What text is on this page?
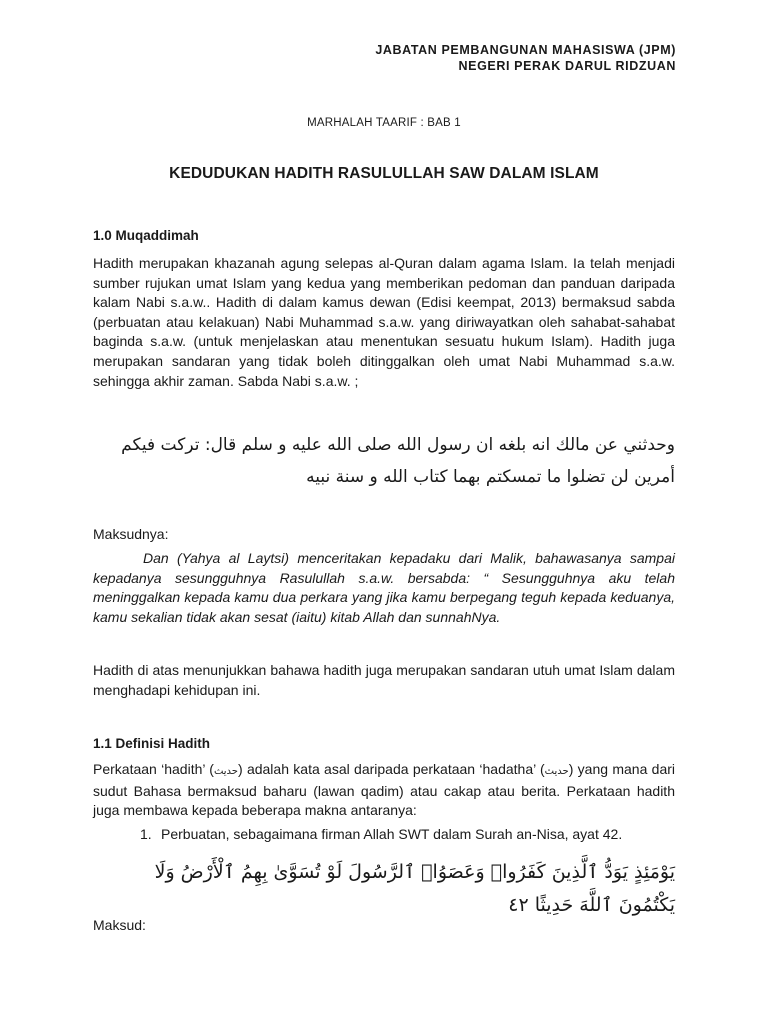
JABATAN PEMBANGUNAN MAHASISWA (JPM)
NEGERI PERAK DARUL RIDZUAN
MARHALAH TAARIF : BAB 1
KEDUDUKAN HADITH RASULULLAH SAW DALAM ISLAM
1.0 Muqaddimah
Hadith merupakan khazanah agung selepas al-Quran dalam agama Islam. Ia telah menjadi sumber rujukan umat Islam yang kedua yang memberikan pedoman dan panduan daripada kalam Nabi s.a.w.. Hadith di dalam kamus dewan (Edisi keempat, 2013) bermaksud sabda (perbuatan atau kelakuan) Nabi Muhammad s.a.w. yang diriwayatkan oleh sahabat-sahabat baginda s.a.w. (untuk menjelaskan atau menentukan sesuatu hukum Islam). Hadith juga merupakan sandaran yang tidak boleh ditinggalkan oleh umat Nabi Muhammad s.a.w. sehingga akhir zaman. Sabda Nabi s.a.w. ;
وحدثني عن مالك انه بلغه ان رسول الله صلى الله عليه و سلم قال: تركت فيكم أمرين لن تضلوا ما تمسكتم بهما كتاب الله و سنة نبيه
Maksudnya:
Dan (Yahya al Laytsi) menceritakan kepadaku dari Malik, bahawasanya sampai kepadanya sesungguhnya Rasulullah s.a.w. bersabda: “ Sesungguhnya aku telah meninggalkan kepada kamu dua perkara yang jika kamu berpegang teguh kepada keduanya, kamu sekalian tidak akan sesat (iaitu) kitab Allah dan sunnahNya.
Hadith di atas menunjukkan bahawa hadith juga merupakan sandaran utuh umat Islam dalam menghadapi kehidupan ini.
1.1 Definisi Hadith
Perkataan ‘hadith’ (حديث) adalah kata asal daripada perkataan ‘hadatha’ (حديث) yang mana dari sudut Bahasa bermaksud baharu (lawan qadim) atau cakap atau berita. Perkataan hadith juga membawa kepada beberapa makna antaranya:
1. Perbuatan, sebagaimana firman Allah SWT dalam Surah an-Nisa, ayat 42.
يَوْمَئِذٍ يَوَدُّ ٱلَّذِينَ كَفَرُوا۟ وَعَصَوُا۟ ٱلرَّسُولَ لَوْ تُسَوَّىٰ بِهِمُ ٱلْأَرْضُ وَلَا يَكْتُمُونَ ٱللَّهَ حَدِيثًا ٤٢
Maksud:
